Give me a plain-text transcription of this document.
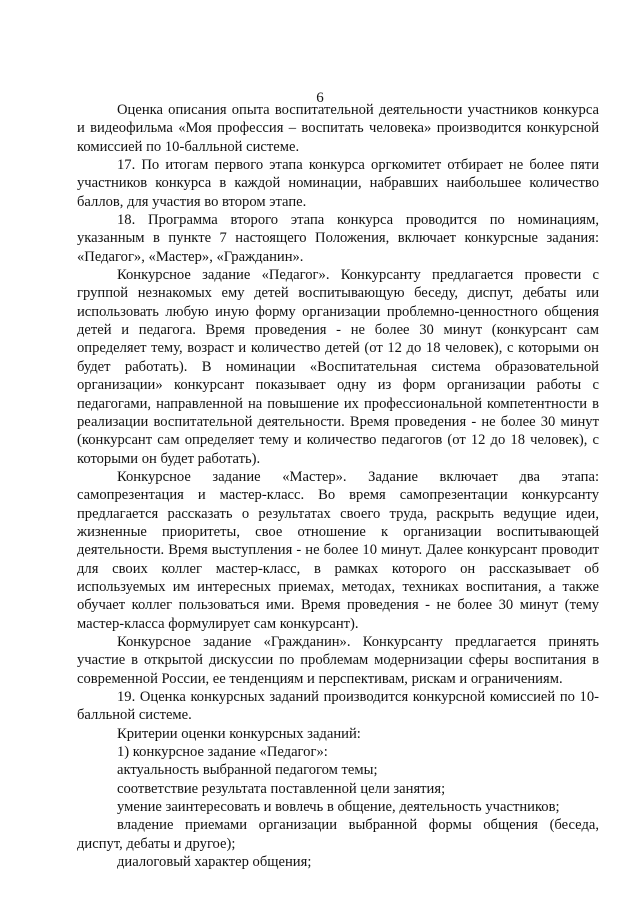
6

Оценка описания опыта воспитательной деятельности участников конкурса и видеофильма «Моя профессия – воспитать человека» производится конкурсной комиссией по 10-балльной системе.

17. По итогам первого этапа конкурса оргкомитет отбирает не более пяти участников конкурса в каждой номинации, набравших наибольшее количество баллов, для участия во втором этапе.

18. Программа второго этапа конкурса проводится по номинациям, указанным в пункте 7 настоящего Положения, включает конкурсные задания: «Педагог», «Мастер», «Гражданин».

Конкурсное задание «Педагог». Конкурсанту предлагается провести с группой незнакомых ему детей воспитывающую беседу, диспут, дебаты или использовать любую иную форму организации проблемно-ценностного общения детей и педагога. Время проведения - не более 30 минут (конкурсант сам определяет тему, возраст и количество детей (от 12 до 18 человек), с которыми он будет работать). В номинации «Воспитательная система образовательной организации» конкурсант показывает одну из форм организации работы с педагогами, направленной на повышение их профессиональной компетентности в реализации воспитательной деятельности. Время проведения - не более 30 минут (конкурсант сам определяет тему и количество педагогов (от 12 до 18 человек), с которыми он будет работать).

Конкурсное задание «Мастер». Задание включает два этапа: самопрезентация и мастер-класс. Во время самопрезентации конкурсанту предлагается рассказать о результатах своего труда, раскрыть ведущие идеи, жизненные приоритеты, свое отношение к организации воспитывающей деятельности. Время выступления - не более 10 минут. Далее конкурсант проводит для своих коллег мастер-класс, в рамках которого он рассказывает об используемых им интересных приемах, методах, техниках воспитания, а также обучает коллег пользоваться ими. Время проведения - не более 30 минут (тему мастер-класса формулирует сам конкурсант).

Конкурсное задание «Гражданин». Конкурсанту предлагается принять участие в открытой дискуссии по проблемам модернизации сферы воспитания в современной России, ее тенденциям и перспективам, рискам и ограничениям.

19. Оценка конкурсных заданий производится конкурсной комиссией по 10-балльной системе.

Критерии оценки конкурсных заданий:

1) конкурсное задание «Педагог»:

актуальность выбранной педагогом темы;

соответствие результата поставленной цели занятия;

умение заинтересовать и вовлечь в общение, деятельность участников;

владение приемами организации выбранной формы общения (беседа, диспут, дебаты и другое);

диалоговый характер общения;
